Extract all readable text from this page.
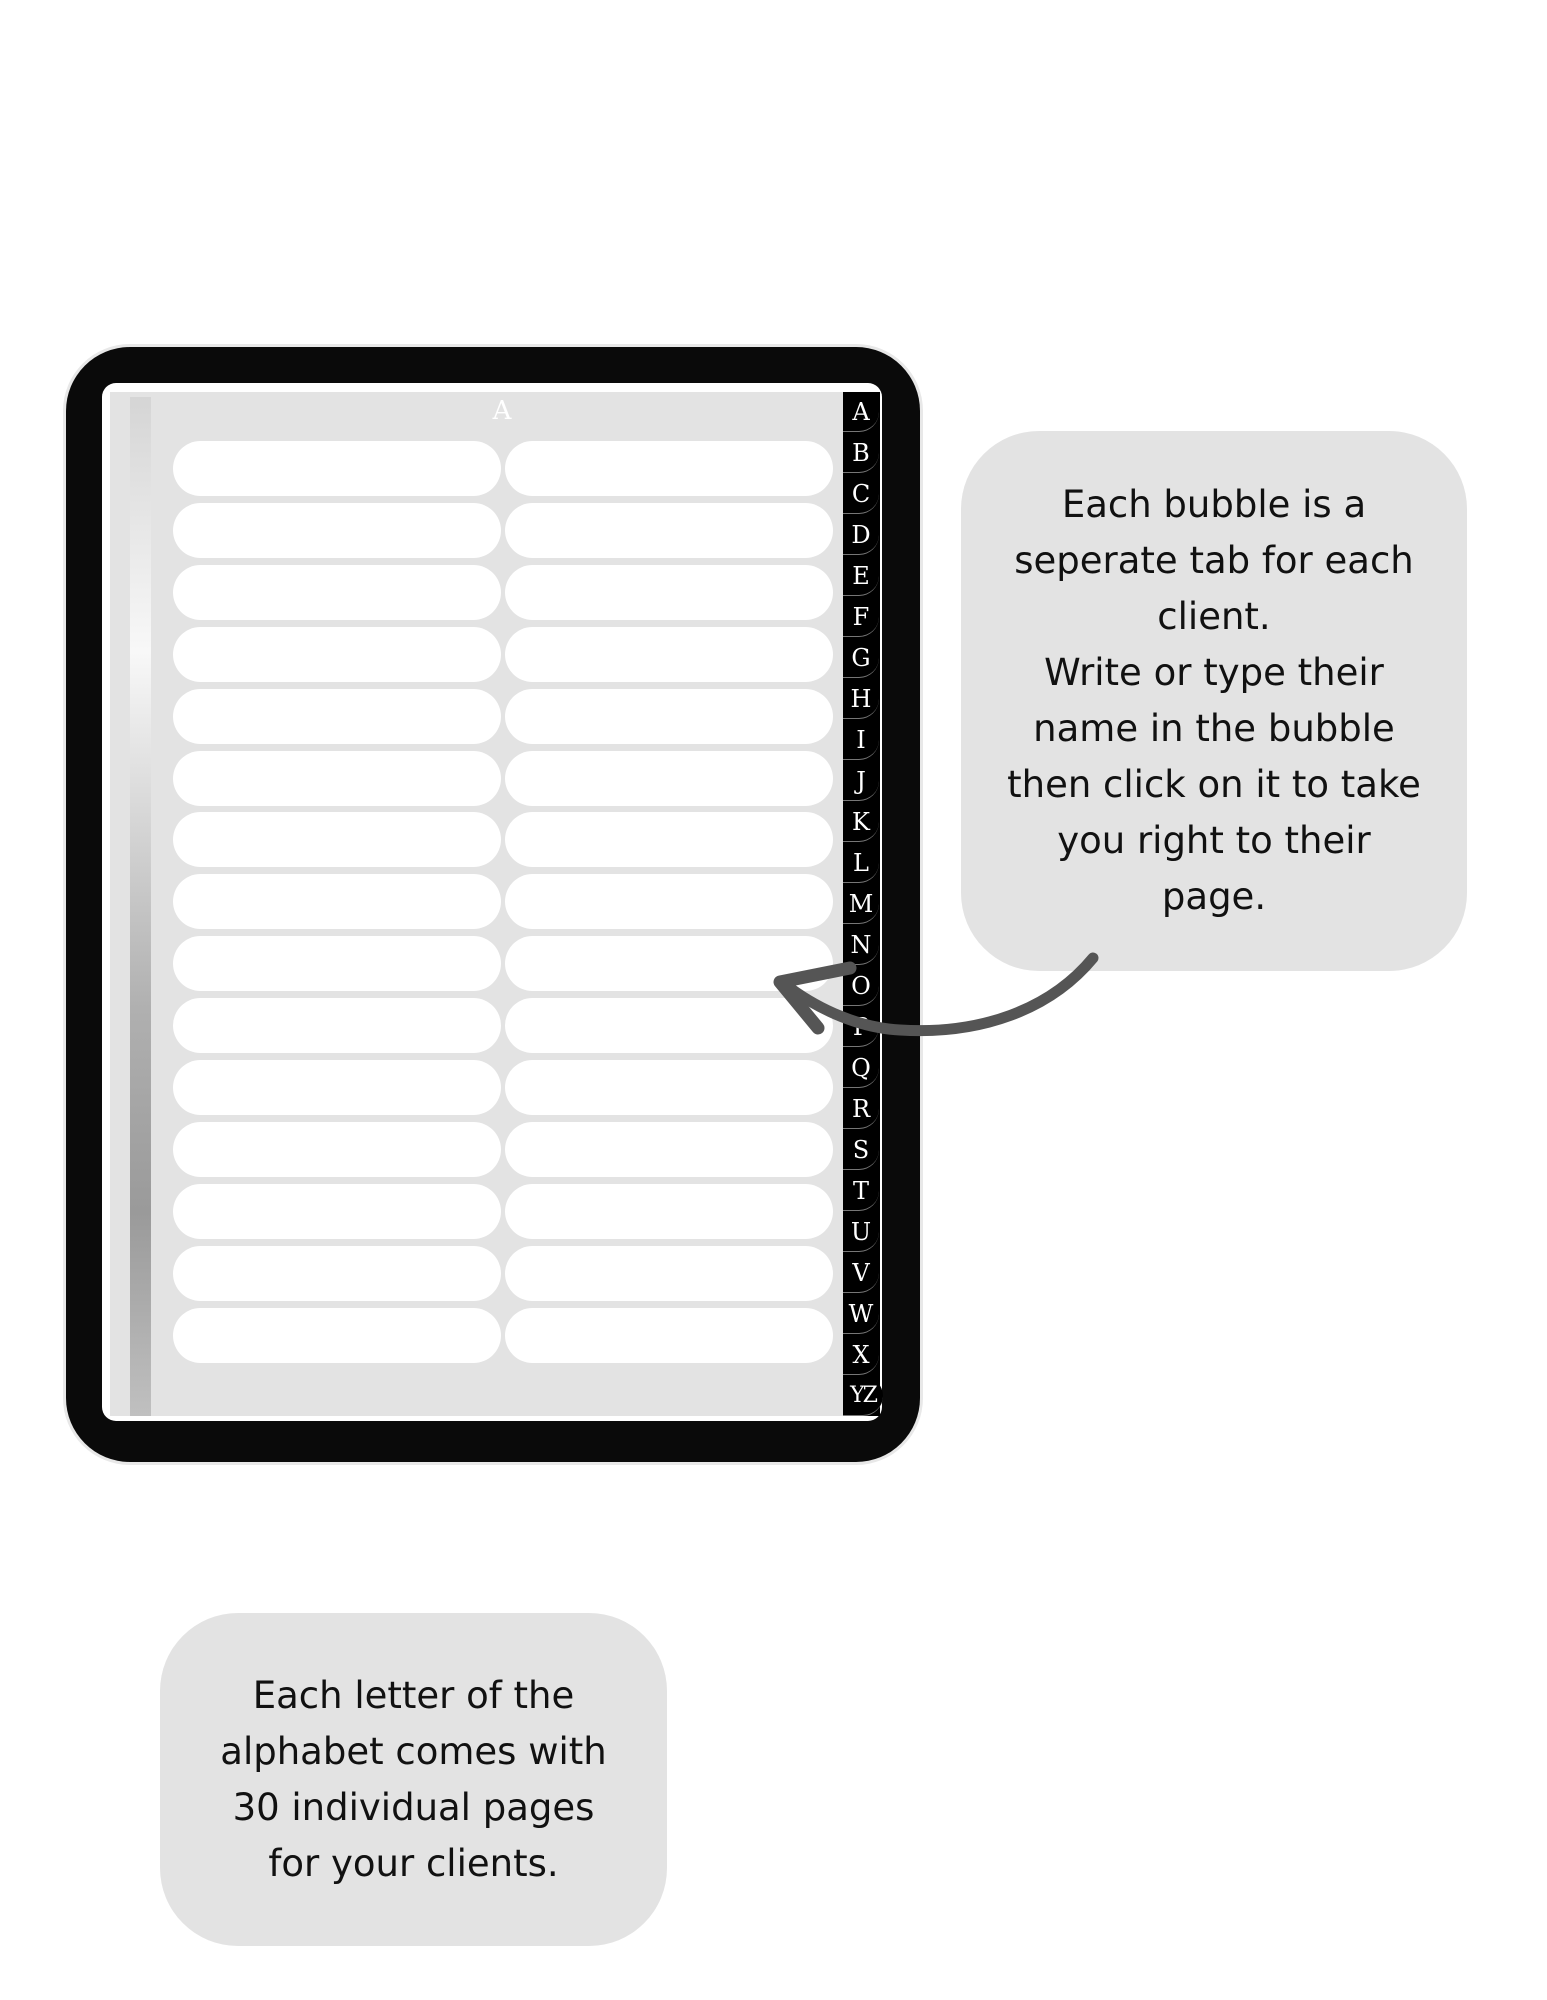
A	A
B
C
D
E
F
G
H
I
J
K
L
M
N
O
P
Q
R
S
T
U
V
W
X
YZ
Each bubble is a
seperate tab for each
client.
Write or type their
name in the bubble
then click on it to take
you right to their
page.
Each letter of the
alphabet comes with
30 individual pages
for your clients.
